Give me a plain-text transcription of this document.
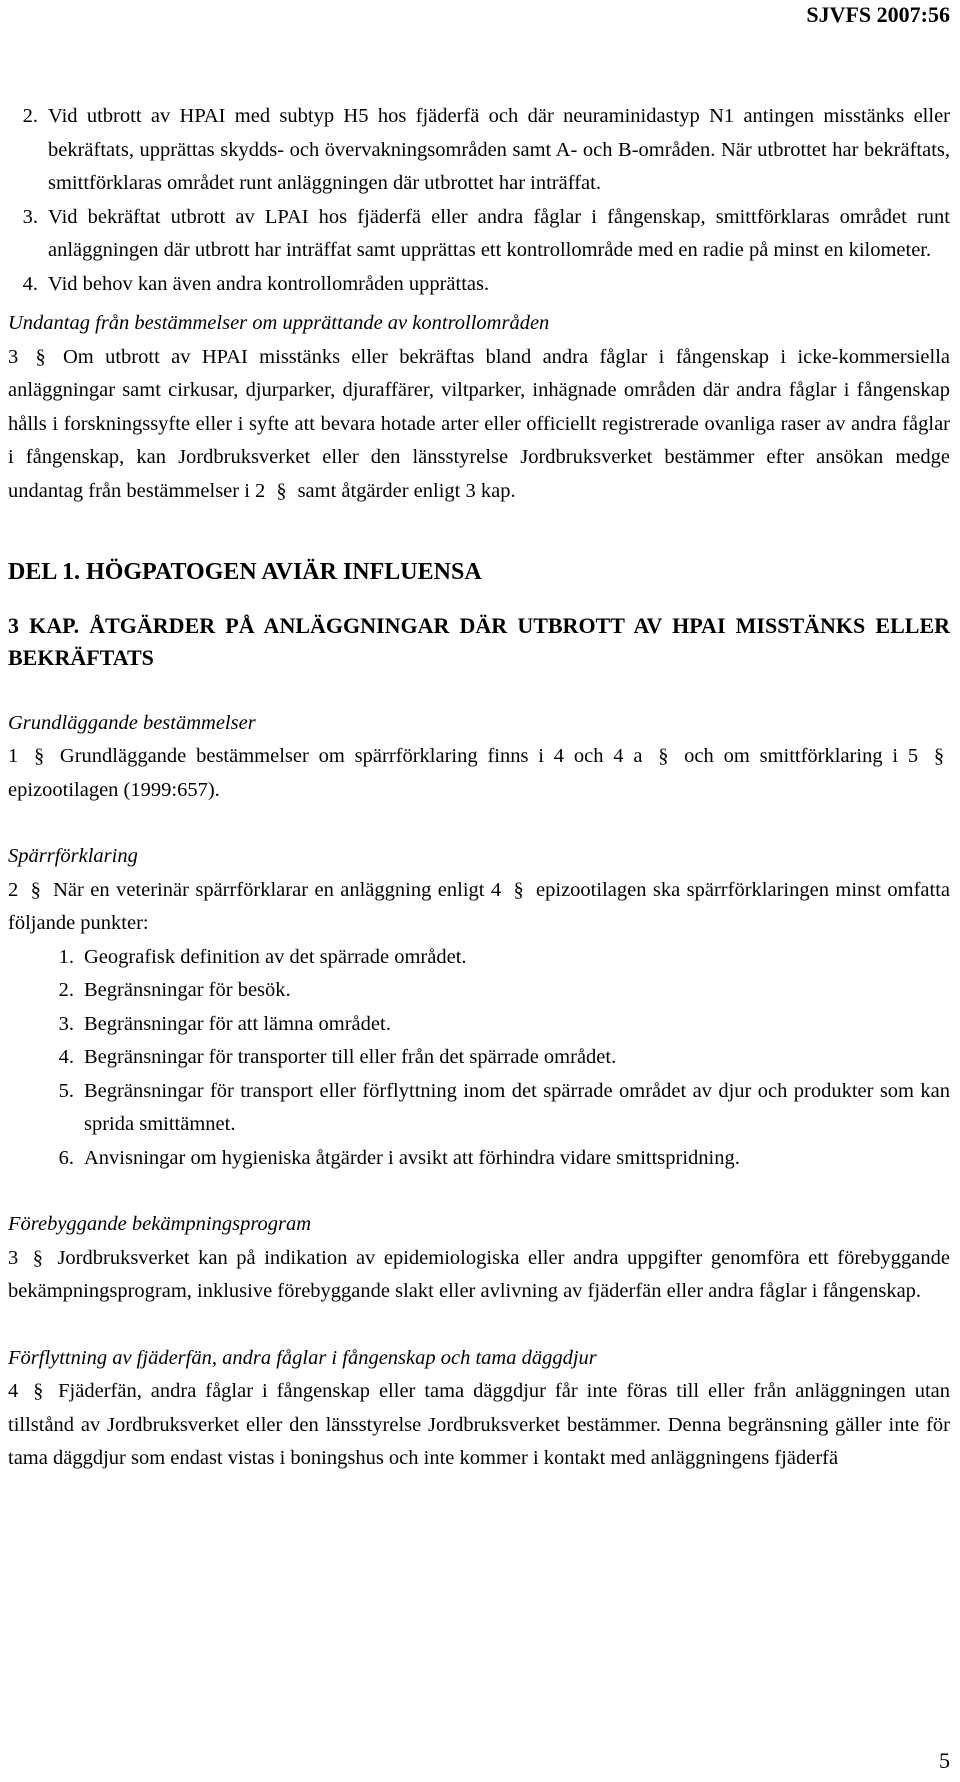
SJVFS 2007:56
2. Vid utbrott av HPAI med subtyp H5 hos fjäderfä och där neuraminidastyp N1 antingen misstänks eller bekräftats, upprättas skydds- och övervakningsområden samt A- och B-områden. När utbrottet har bekräftats, smittförklaras området runt anläggningen där utbrottet har inträffat.
3. Vid bekräftat utbrott av LPAI hos fjäderfä eller andra fåglar i fångenskap, smittförklaras området runt anläggningen där utbrott har inträffat samt upprättas ett kontrollområde med en radie på minst en kilometer.
4. Vid behov kan även andra kontrollområden upprättas.

Undantag från bestämmelser om upprättande av kontrollområden

3 § Om utbrott av HPAI misstänks eller bekräftas bland andra fåglar i fångenskap i icke-kommersiella anläggningar samt cirkusar, djurparker, djuraffärer, viltparker, inhägnade områden där andra fåglar i fångenskap hålls i forskningssyfte eller i syfte att bevara hotade arter eller officiellt registrerade ovanliga raser av andra fåglar i fångenskap, kan Jordbruksverket eller den länsstyrelse Jordbruksverket bestämmer efter ansökan medge undantag från bestämmelser i 2 § samt åtgärder enligt 3 kap.

DEL 1. HÖGPATOGEN AVIÄR INFLUENSA

3 KAP. ÅTGÄRDER PÅ ANLÄGGNINGAR DÄR UTBROTT AV HPAI MISSTÄNKS ELLER BEKRÄFTATS

Grundläggande bestämmelser

1 § Grundläggande bestämmelser om spärrförklaring finns i 4 och 4 a § och om smittförklaring i 5 § epizootilagen (1999:657).

Spärrförklaring

2 § När en veterinär spärrförklarar en anläggning enligt 4 § epizootilagen ska spärrförklaringen minst omfatta följande punkter:

1. Geografisk definition av det spärrade området.
2. Begränsningar för besök.
3. Begränsningar för att lämna området.
4. Begränsningar för transporter till eller från det spärrade området.
5. Begränsningar för transport eller förflyttning inom det spärrade området av djur och produkter som kan sprida smittämnet.
6. Anvisningar om hygieniska åtgärder i avsikt att förhindra vidare smittspridning.

Förebyggande bekämpningsprogram

3 § Jordbruksverket kan på indikation av epidemiologiska eller andra uppgifter genomföra ett förebyggande bekämpningsprogram, inklusive förebyggande slakt eller avlivning av fjäderfän eller andra fåglar i fångenskap.

Förflyttning av fjäderfän, andra fåglar i fångenskap och tama däggdjur

4 § Fjäderfän, andra fåglar i fångenskap eller tama däggdjur får inte föras till eller från anläggningen utan tillstånd av Jordbruksverket eller den länsstyrelse Jordbruksverket bestämmer. Denna begränsning gäller inte för tama däggdjur som endast vistas i boningshus och inte kommer i kontakt med anläggningens fjäderfä

5
